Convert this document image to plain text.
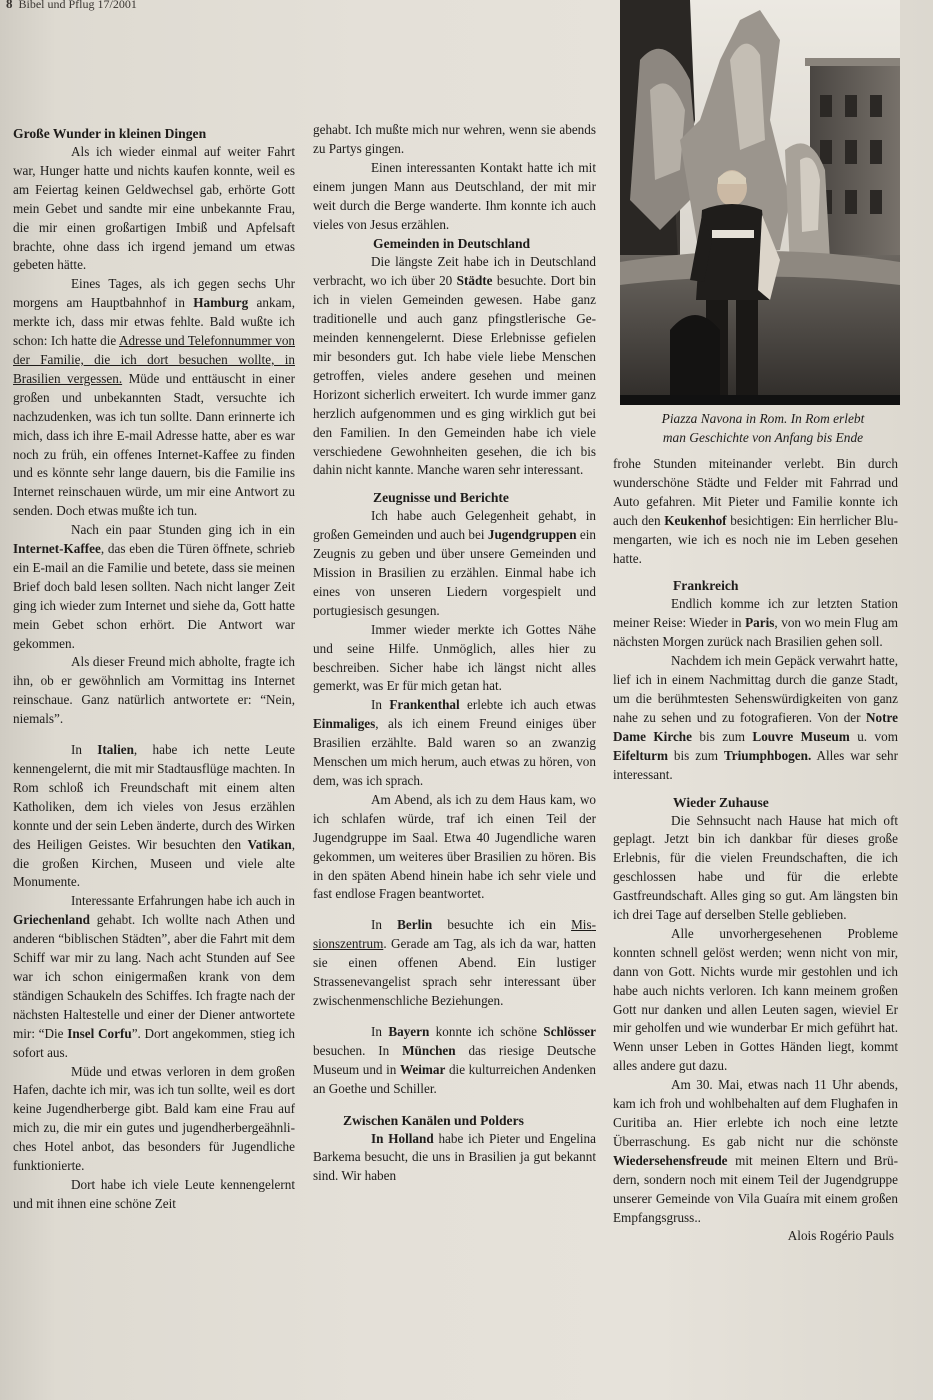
8 Bibel und Pflug 17/2001
Piazza Navona in Rom. In Rom erlebt
man Geschichte von Anfang bis Ende
Große Wunder in kleinen Dingen

Als ich wieder einmal auf weiter Fahrt war, Hunger hatte und nichts kaufen konnte, weil es am Feiertag keinen Geldwechsel gab, erhörte Gott mein Gebet und sandte mir eine unbekannte Frau, die mir einen großartigen Imbiß und Apfelsaft brachte, ohne dass ich irgend jemand um etwas gebeten hätte.

Eines Tages, als ich gegen sechs Uhr morgens am Hauptbahnhof in Hamburg ankam, merkte ich, dass mir etwas fehlte. Bald wußte ich schon: Ich hatte die Adresse und Telefonnummer von der Familie, die ich dort besuchen wollte, in Brasilien vergessen. Müde und enttäuscht in einer großen und unbekannten Stadt, versuchte ich nachzudenken, was ich tun sollte. Dann erinnerte ich mich, dass ich ihre E-mail Adresse hatte, aber es war noch zu früh, ein offenes Internet-Kaffee zu finden und es könnte sehr lange dauern, bis die Familie ins Internet reinschauen würde, um mir eine Antwort zu senden. Doch etwas mußte ich tun.

Nach ein paar Stunden ging ich in ein Internet-Kaffee, das eben die Türen öffnete, schrieb ein E-mail an die Familie und betete, dass sie meinen Brief doch bald lesen sollten. Nach nicht langer Zeit ging ich wieder zum Internet und siehe da, Gott hatte mein Gebet schon erhört. Die Antwort war gekommen.

Als dieser Freund mich abholte, fragte ich ihn, ob er gewöhnlich am Vormittag ins Internet reinschaue. Ganz natürlich antwortete er: “Nein, niemals”.

In Italien, habe ich nette Leute kennengelernt, die mit mir Stadtausflüge machten. In Rom schloß ich Freundschaft mit einem alten Katholiken, dem ich vieles von Jesus erzählen konnte und der sein Leben änderte, durch des Wirken des Heiligen Geistes. Wir besuchten den Vatikan, die großen Kirchen, Museen und viele alte Monumente.

Interessante Erfahrungen habe ich auch in Griechenland gehabt. Ich wollte nach Athen und anderen “biblischen Städten”, aber die Fahrt mit dem Schiff war mir zu lang. Nach acht Stunden auf See war ich schon einigermaßen krank von dem ständigen Schaukeln des Schiffes. Ich fragte nach der nächsten Haltestelle und einer der Diener antwortete mir: “Die Insel Corfu”. Dort angekommen, stieg ich sofort aus.

Müde und etwas verloren in dem großen Hafen, dachte ich mir, was ich tun sollte, weil es dort keine Jugendherberge gibt. Bald kam eine Frau auf mich zu, die mir ein gutes und jugendherbergeähnliches Hotel anbot, das besonders für Jugendliche funktionierte.

Dort habe ich viele Leute kennengelernt und mit ihnen eine schöne Zeit

gehabt. Ich mußte mich nur wehren, wenn sie abends zu Partys gingen.

Einen interessanten Kontakt hatte ich mit einem jungen Mann aus Deutschland, der mit mir weit durch die Berge wanderte. Ihm konnte ich auch vieles von Jesus erzählen.

Gemeinden in Deutschland

Die längste Zeit habe ich in Deutschland verbracht, wo ich über 20 Städte besuchte. Dort bin ich in vielen Gemeinden gewesen. Habe ganz traditionelle und auch ganz pfingstlerische Gemeinden kennengelernt. Diese Erlebnisse gefielen mir besonders gut. Ich habe viele liebe Menschen getroffen, vieles andere gesehen und meinen Horizont sicherlich erweitert. Ich wurde immer ganz herzlich aufgenommen und es ging wirklich gut bei den Familien. In den Gemeinden habe ich viele verschiedene Gewohnheiten gesehen, die ich bis dahin nicht kannte. Manche waren sehr interessant.

Zeugnisse und Berichte

Ich habe auch Gelegenheit gehabt, in großen Gemeinden und auch bei Jugendgruppen ein Zeugnis zu geben und über unsere Gemeinden und Mission in Brasilien zu erzählen. Einmal habe ich eines von unseren Liedern vorgespielt und portugiesisch gesungen.

Immer wieder merkte ich Gottes Nähe und seine Hilfe. Unmöglich, alles hier zu beschreiben. Sicher habe ich längst nicht alles gemerkt, was Er für mich getan hat.

In Frankenthal erlebte ich auch etwas Einmaliges, als ich einem Freund einiges über Brasilien erzählte. Bald waren so an zwanzig Menschen um mich herum, auch etwas zu hören, von dem, was ich sprach.

Am Abend, als ich zu dem Haus kam, wo ich schlafen würde, traf ich einen Teil der Jugendgruppe im Saal. Etwa 40 Jugendliche waren gekommen, um weiteres über Brasilien zu hören. Bis in den späten Abend hinein habe ich sehr viele und fast endlose Fragen beantwortet.

In Berlin besuchte ich ein Missionszentrum. Gerade am Tag, als ich da war, hatten sie einen offenen Abend. Ein lustiger Strassenevangelist sprach sehr interessant über zwischenmenschliche Beziehungen.

In Bayern konnte ich schöne Schlösser besuchen. In München das riesige Deutsche Museum und in Weimar die kulturreichen Andenken an Goethe und Schiller.

Zwischen Kanälen und Polders

In Holland habe ich Pieter und Engelina Barkema besucht, die uns in Brasilien ja gut bekannt sind. Wir haben

frohe Stunden miteinander verlebt. Bin durch wunderschöne Städte und Felder mit Fahrrad und Auto gefahren. Mit Pieter und Familie konnte ich auch den Keukenhof besichtigen: Ein herrlicher Blumengarten, wie ich es noch nie im Leben gesehen hatte.

Frankreich

Endlich komme ich zur letzten Station meiner Reise: Wieder in Paris, von wo mein Flug am nächsten Morgen zurück nach Brasilien gehen soll.

Nachdem ich mein Gepäck verwahrt hatte, lief ich in einem Nachmittag durch die ganze Stadt, um die berühmtesten Sehenswürdigkeiten von ganz nahe zu sehen und zu fotografieren. Von der Notre Dame Kirche bis zum Louvre Museum u. vom Eifelturm bis zum Triumphbogen. Alles war sehr interessant.

Wieder Zuhause

Die Sehnsucht nach Hause hat mich oft geplagt. Jetzt bin ich dankbar für dieses große Erlebnis, für die vielen Freundschaften, die ich geschlossen habe und für die erlebte Gastfreundschaft. Alles ging so gut. Am längsten bin ich drei Tage auf derselben Stelle geblieben.

Alle unvorhergesehenen Probleme konnten schnell gelöst werden; wenn nicht von mir, dann von Gott. Nichts wurde mir gestohlen und ich habe auch nichts verloren. Ich kann meinem großen Gott nur danken und allen Leuten sagen, wieviel Er mir geholfen und wie wunderbar Er mich geführt hat. Wenn unser Leben in Gottes Händen liegt, kommt alles andere gut dazu.

Am 30. Mai, etwas nach 11 Uhr abends, kam ich froh und wohlbehalten auf dem Flughafen in Curitiba an. Hier erlebte ich noch eine letzte Überraschung. Es gab nicht nur die schönste Wiedersehensfreude mit meinen Eltern und Brüdern, sondern noch mit einem Teil der Jugendgruppe unserer Gemeinde von Vila Guaíra mit einem großen Empfangsgruss..

Alois Rogério Pauls
